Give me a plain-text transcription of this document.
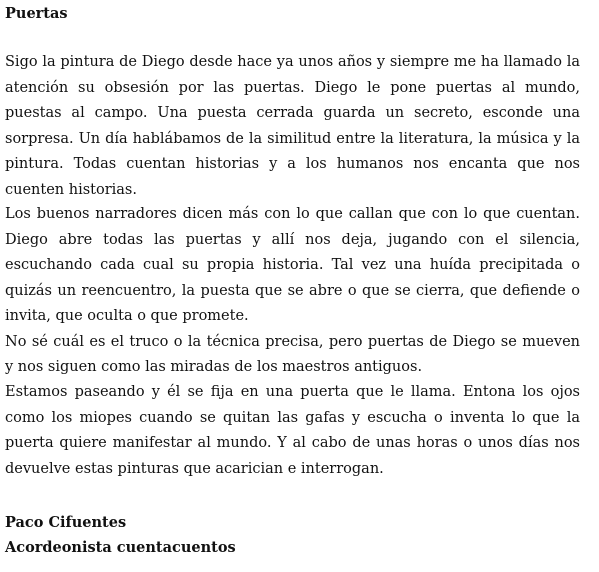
Puertas

Sigo la pintura de Diego desde hace ya unos años y siempre me ha llamado la atención su obsesión por las puertas. Diego le pone puertas al mundo, puestas al campo. Una puesta cerrada guarda un secreto, esconde una sorpresa. Un día hablábamos de la similitud entre la literatura, la música y la pintura. Todas cuentan historias y a los humanos nos encanta que nos cuenten historias.

Los buenos narradores dicen más con lo que callan que con lo que cuentan. Diego abre todas las puertas y allí nos deja, jugando con el silencia, escuchando cada cual su propia historia. Tal vez una huída precipitada o quizás un reencuentro, la puesta que se abre o que se cierra, que defiende o invita, que oculta o que promete.
No sé cuál es el truco o la técnica precisa, pero puertas de Diego se mueven y nos siguen como las miradas de los maestros antiguos.

Estamos paseando y él se fija en una puerta que le llama. Entona los ojos como los miopes cuando se quitan las gafas y escucha o inventa lo que la puerta quiere manifestar al mundo. Y al cabo de unas horas o unos días nos devuelve estas pinturas que acarician e interrogan.

Paco Cifuentes
Acordeonista cuentacuentos
